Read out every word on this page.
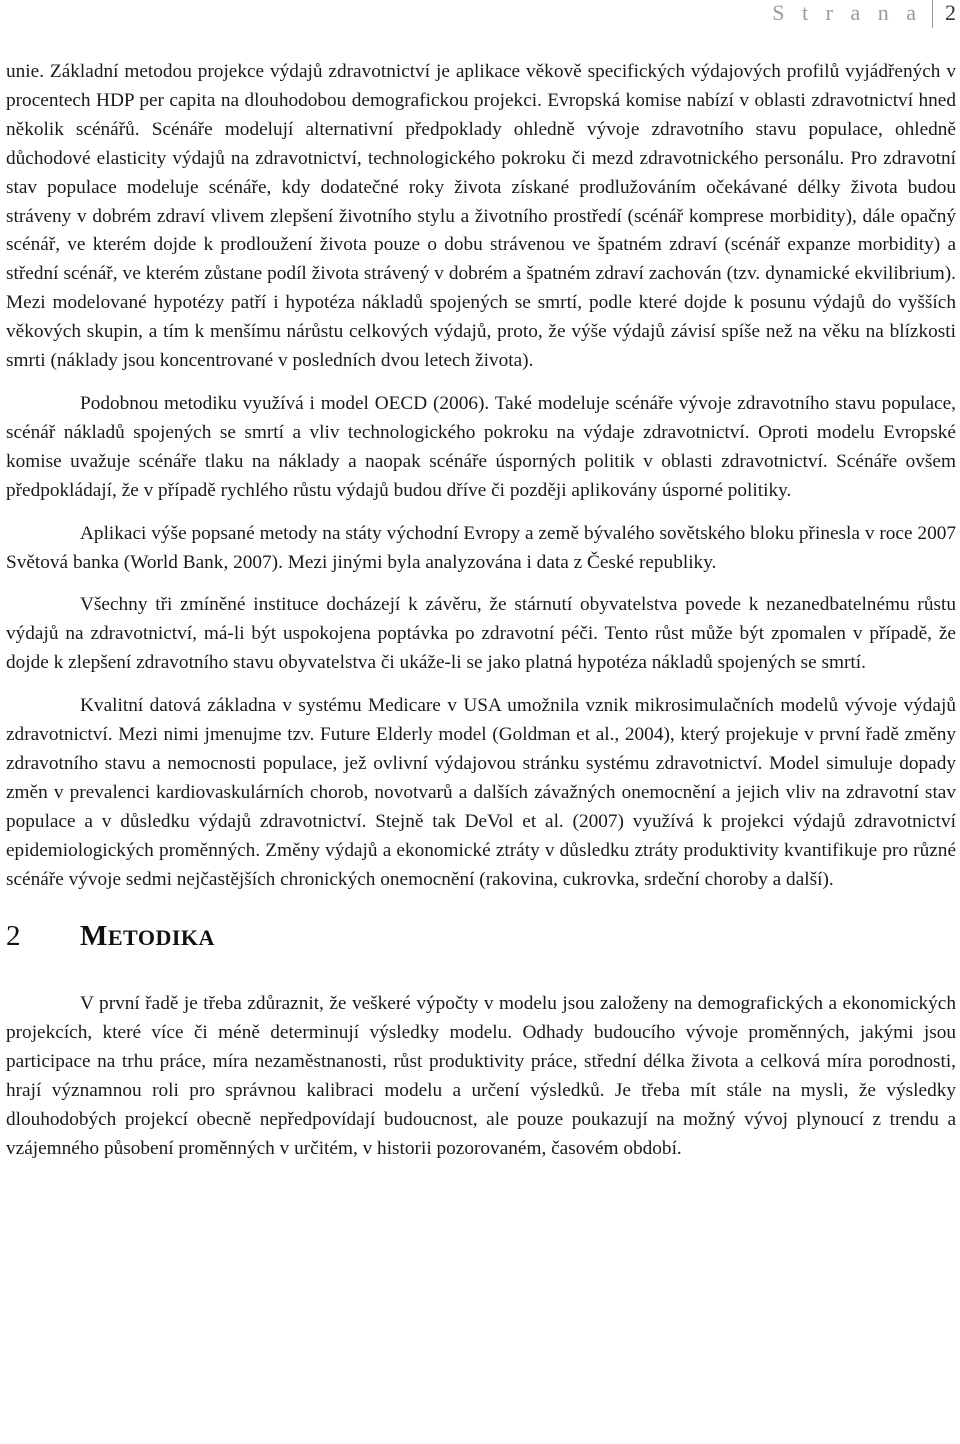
S t r a n a	2

unie. Základní metodou projekce výdajů zdravotnictví je aplikace věkově specifických výdajových profilů vyjádřených v procentech HDP per capita na dlouhodobou demografickou projekci. Evropská komise nabízí v oblasti zdravotnictví hned několik scénářů. Scénáře modelují alternativní předpoklady ohledně vývoje zdravotního stavu populace, ohledně důchodové elasticity výdajů na zdravotnictví, technologického pokroku či mezd zdravotnického personálu. Pro zdravotní stav populace modeluje scénáře, kdy dodatečné roky života získané prodlužováním očekávané délky života budou stráveny v dobrém zdraví vlivem zlepšení životního stylu a životního prostředí (scénář komprese morbidity), dále opačný scénář, ve kterém dojde k prodloužení života pouze o dobu strávenou ve špatném zdraví (scénář expanze morbidity) a střední scénář, ve kterém zůstane podíl života strávený v dobrém a špatném zdraví zachován (tzv. dynamické ekvilibrium). Mezi modelované hypotézy patří i hypotéza nákladů spojených se smrtí, podle které dojde k posunu výdajů do vyšších věkových skupin, a tím k menšímu nárůstu celkových výdajů, proto, že výše výdajů závisí spíše než na věku na blízkosti smrti (náklady jsou koncentrované v posledních dvou letech života).

Podobnou metodiku využívá i model OECD (2006). Také modeluje scénáře vývoje zdravotního stavu populace, scénář nákladů spojených se smrtí a vliv technologického pokroku na výdaje zdravotnictví. Oproti modelu Evropské komise uvažuje scénáře tlaku na náklady a naopak scénáře úsporných politik v oblasti zdravotnictví. Scénáře ovšem předpokládají, že v případě rychlého růstu výdajů budou dříve či později aplikovány úsporné politiky.

Aplikaci výše popsané metody na státy východní Evropy a země bývalého sovětského bloku přinesla v roce 2007 Světová banka (World Bank, 2007). Mezi jinými byla analyzována i data z České republiky.

Všechny tři zmíněné instituce docházejí k závěru, že stárnutí obyvatelstva povede k nezanedbatelnému růstu výdajů na zdravotnictví, má-li být uspokojena poptávka po zdravotní péči. Tento růst může být zpomalen v případě, že dojde k zlepšení zdravotního stavu obyvatelstva či ukáže-li se jako platná hypotéza nákladů spojených se smrtí.

Kvalitní datová základna v systému Medicare v USA umožnila vznik mikrosimulačních modelů vývoje výdajů zdravotnictví. Mezi nimi jmenujme tzv. Future Elderly model (Goldman et al., 2004), který projekuje v první řadě změny zdravotního stavu a nemocnosti populace, jež ovlivní výdajovou stránku systému zdravotnictví. Model simuluje dopady změn v prevalenci kardiovaskulárních chorob, novotvarů a dalších závažných onemocnění a jejich vliv na zdravotní stav populace a v důsledku výdajů zdravotnictví. Stejně tak DeVol et al. (2007) využívá k projekci výdajů zdravotnictví epidemiologických proměnných. Změny výdajů a ekonomické ztráty v důsledku ztráty produktivity kvantifikuje pro různé scénáře vývoje sedmi nejčastějších chronických onemocnění (rakovina, cukrovka, srdeční choroby a další).

2	METODIKA

V první řadě je třeba zdůraznit, že veškeré výpočty v modelu jsou založeny na demografických a ekonomických projekcích, které více či méně determinují výsledky modelu. Odhady budoucího vývoje proměnných, jakými jsou participace na trhu práce, míra nezaměstnanosti, růst produktivity práce, střední délka života a celková míra porodnosti, hrají významnou roli pro správnou kalibraci modelu a určení výsledků. Je třeba mít stále na mysli, že výsledky dlouhodobých projekcí obecně nepředpovídají budoucnost, ale pouze poukazují na možný vývoj plynoucí z trendu a vzájemného působení proměnných v určitém, v historii pozorovaném, časovém období.
